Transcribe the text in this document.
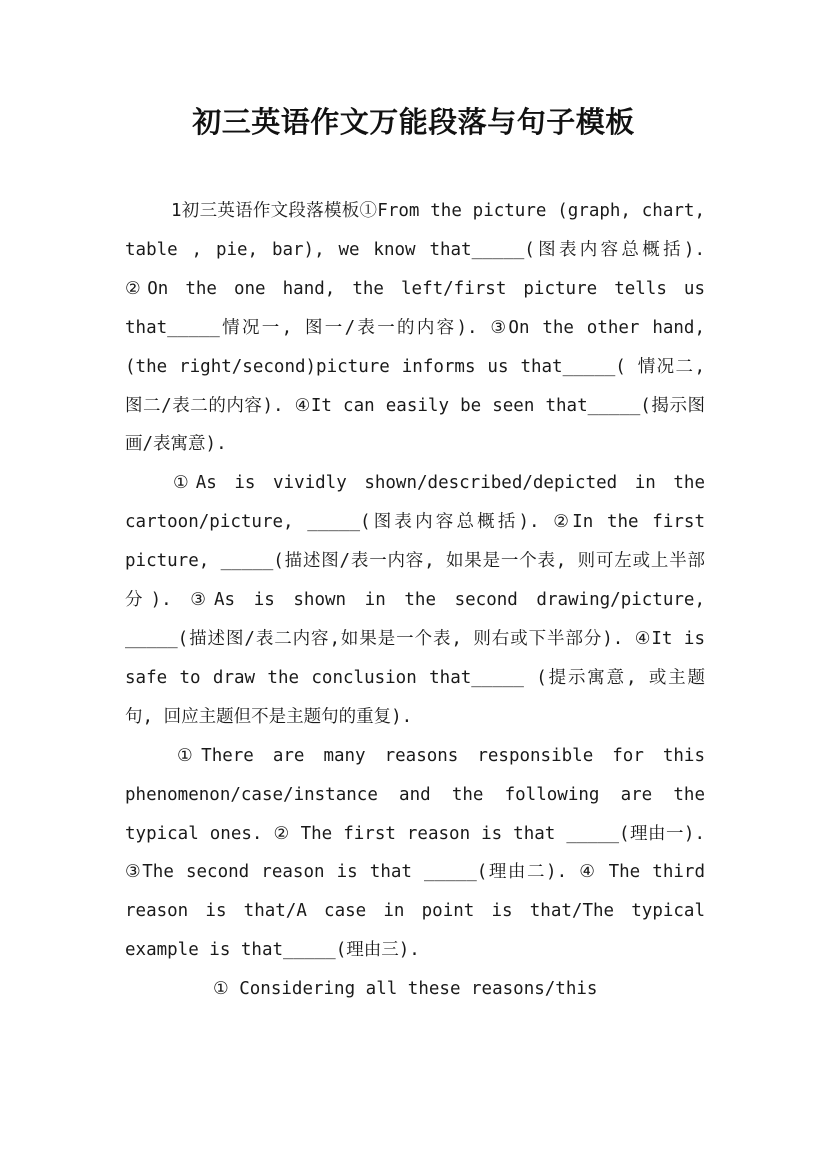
初三英语作文万能段落与句子模板

1初三英语作文段落模板①From the picture (graph, chart, table , pie, bar), we know that_____(图表内容总概括). ②On the one hand, the left/first picture tells us that_____情况一, 图一/表一的内容). ③On the other hand, (the right/second)picture informs us that_____( 情况二, 图二/表二的内容). ④It can easily be seen that_____(揭示图画/表寓意).

①As is vividly shown/described/depicted in the cartoon/picture, _____(图表内容总概括). ②In the first picture, _____(描述图/表一内容, 如果是一个表, 则可左或上半部分). ③As is shown in the second drawing/picture, _____(描述图/表二内容,如果是一个表, 则右或下半部分). ④It is safe to draw the conclusion that_____ (提示寓意, 或主题句, 回应主题但不是主题句的重复).

①There are many reasons responsible for this phenomenon/case/instance and the following are the typical ones. ② The first reason is that _____(理由一). ③The second reason is that _____(理由二). ④ The third reason is that/A case in point is that/The typical example is that_____(理由三).

① Considering all these reasons/this
